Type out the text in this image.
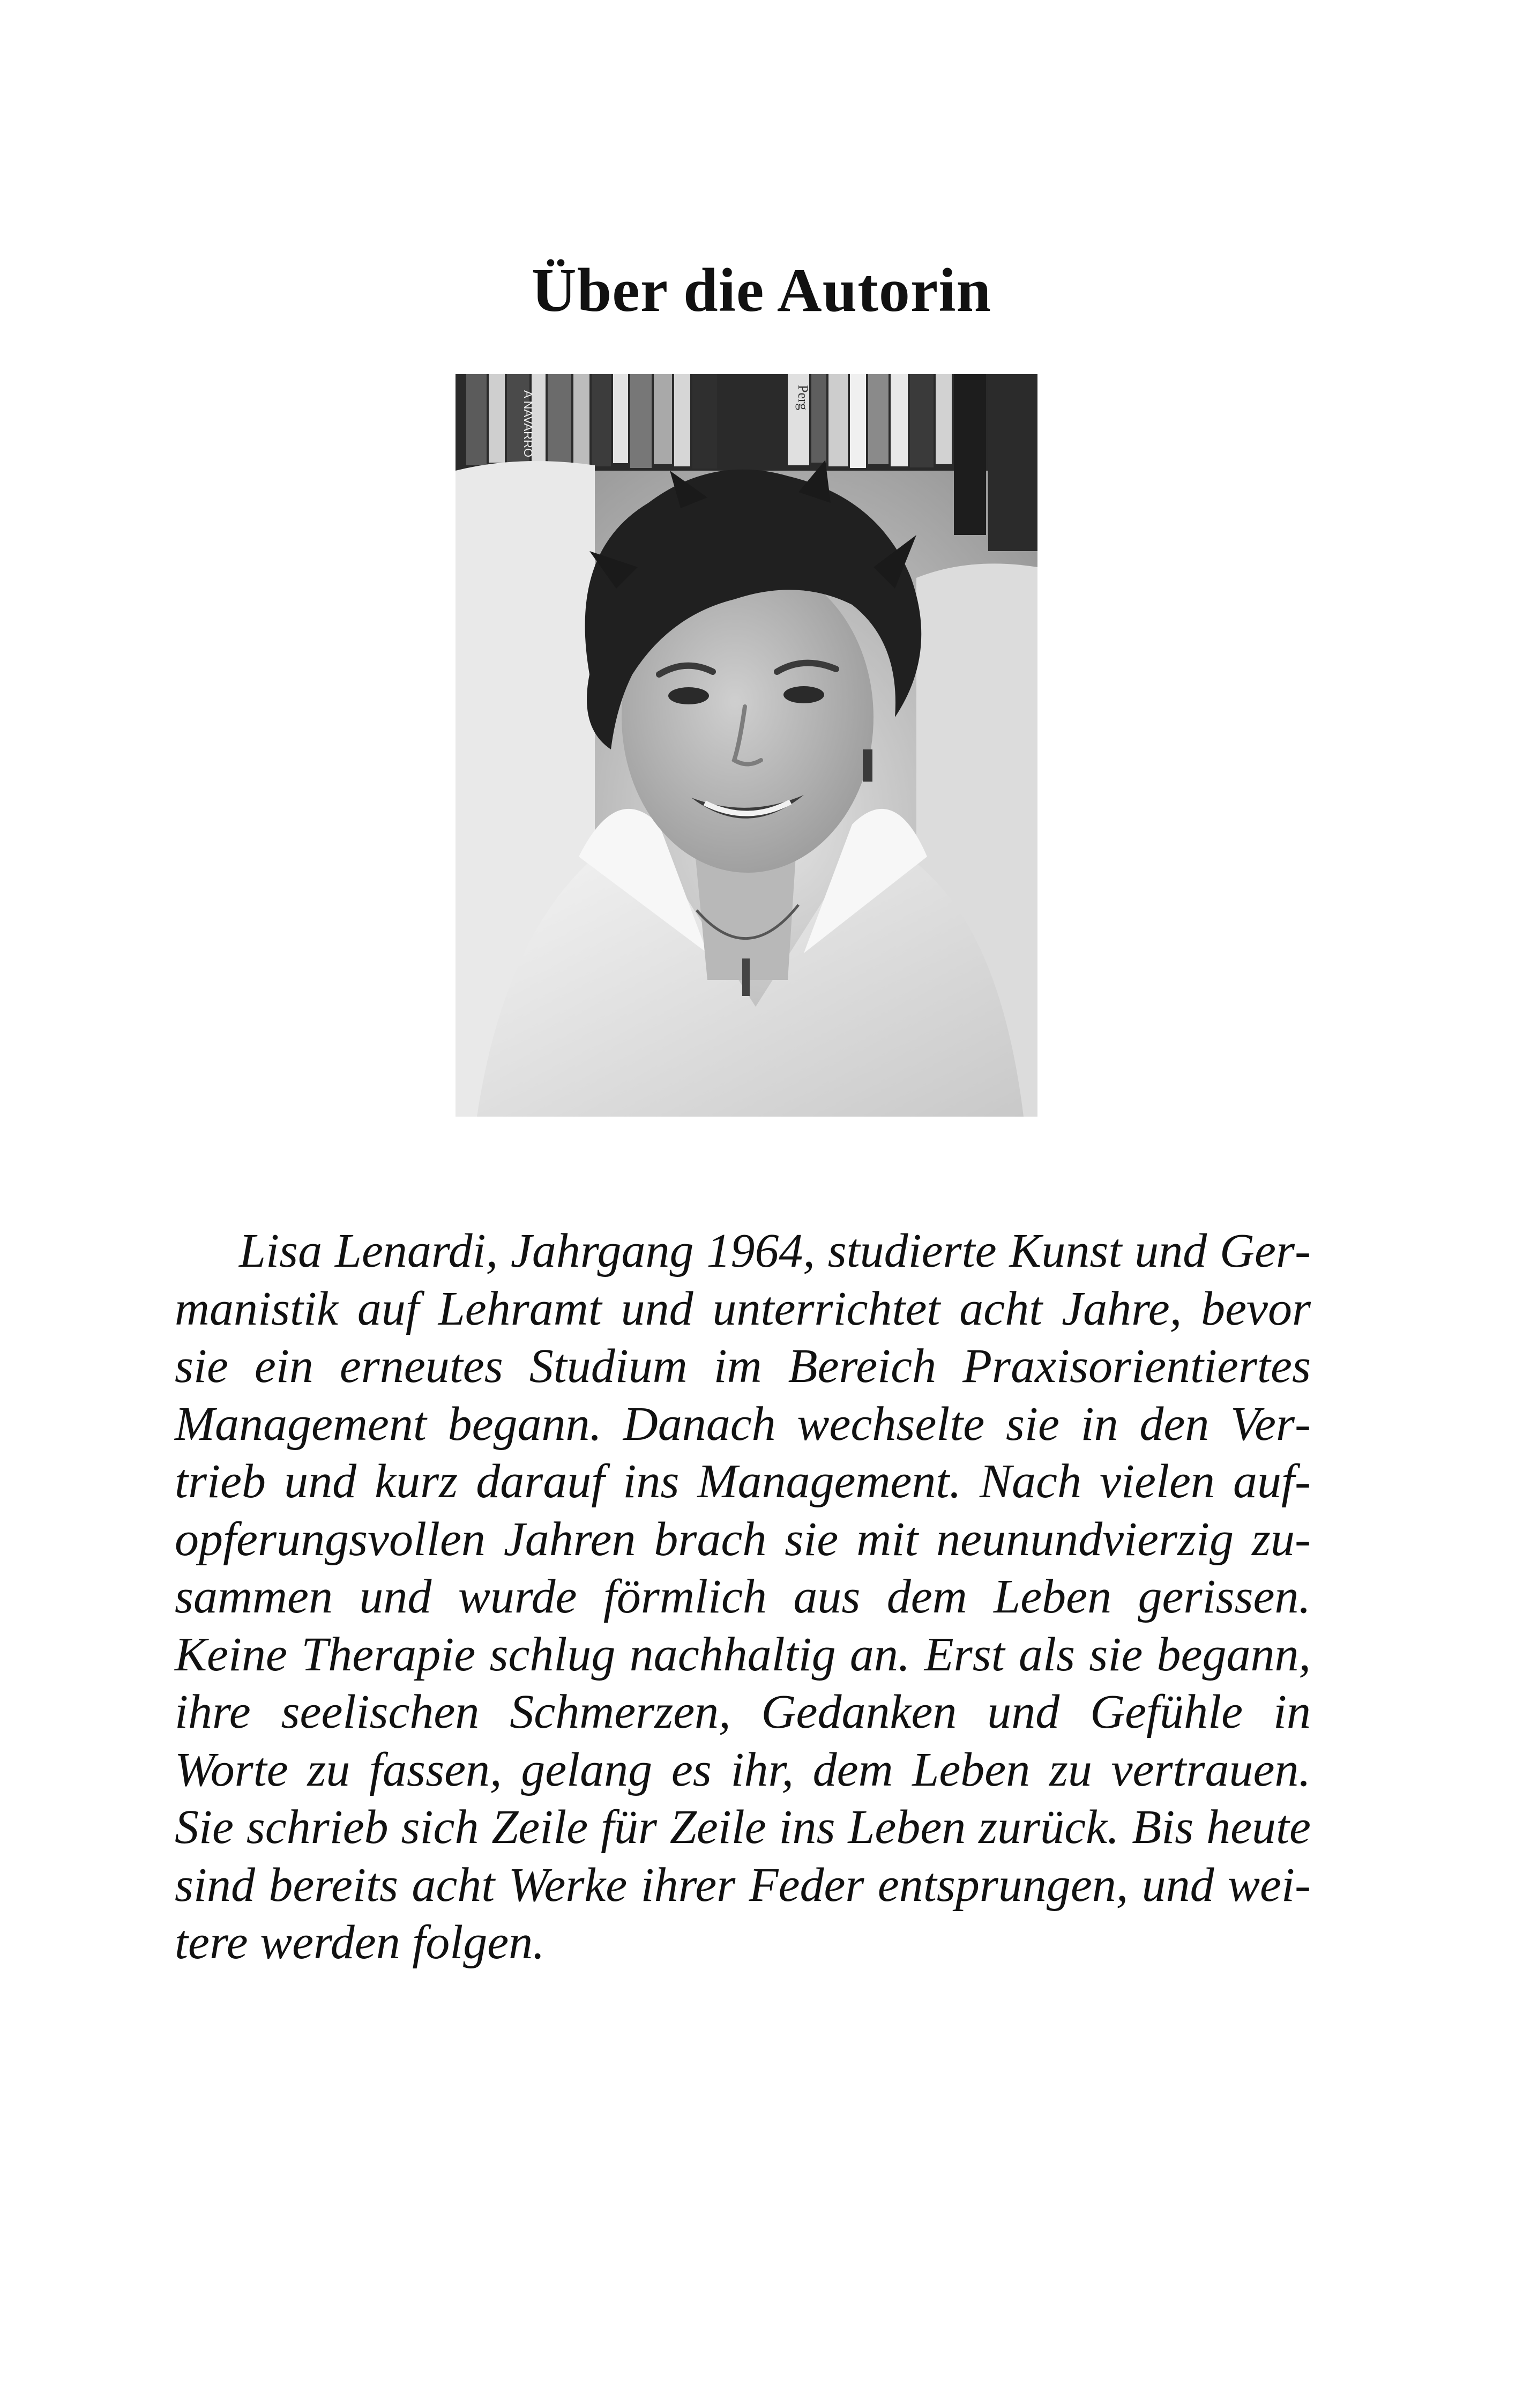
Über die Autorin
A NAVARRO	Perg

Lisa Lenardi, Jahrgang 1964, studierte Kunst und Germanistik auf Lehramt und unterrichtet acht Jahre, bevor sie ein erneutes Studium im Bereich Praxisorientiertes Management begann. Danach wechselte sie in den Vertrieb und kurz darauf ins Management. Nach vielen aufopferungsvollen Jahren brach sie mit neunundvierzig zusammen und wurde förmlich aus dem Leben gerissen. Keine Therapie schlug nachhaltig an. Erst als sie begann, ihre seelischen Schmerzen, Gedanken und Gefühle in Worte zu fassen, gelang es ihr, dem Leben zu vertrauen. Sie schrieb sich Zeile für Zeile ins Leben zurück. Bis heute sind bereits acht Werke ihrer Feder entsprungen, und weitere werden folgen.
